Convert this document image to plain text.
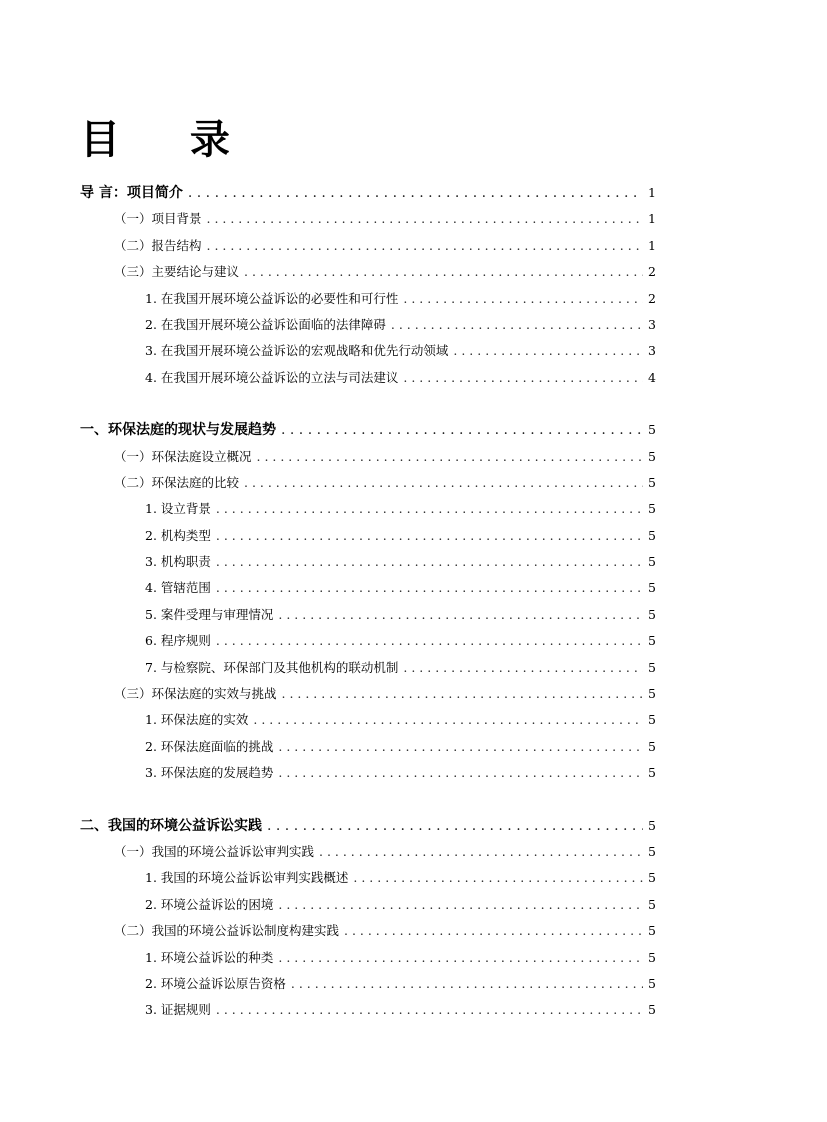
目 录
导 言：项目简介 . . .	1
（一）项目背景 . . .	1
（二）报告结构 . . .	1
（三）主要结论与建议 . . .	2
1. 在我国开展环境公益诉讼的必要性和可行性 . . .	2
2. 在我国开展环境公益诉讼面临的法律障碍 . . .	3
3. 在我国开展环境公益诉讼的宏观战略和优先行动领域 . . .	3
4. 在我国开展环境公益诉讼的立法与司法建议 . . .	4
一、环保法庭的现状与发展趋势 . . .	5
（一）环保法庭设立概况 . . .	5
（二）环保法庭的比较 . . .	5
1. 设立背景 . . .	5
2. 机构类型 . . .	5
3. 机构职责 . . .	5
4. 管辖范围 . . .	5
5. 案件受理与审理情况 . . .	5
6. 程序规则 . . .	5
7. 与检察院、环保部门及其他机构的联动机制 . . .	5
（三）环保法庭的实效与挑战 . . .	5
1. 环保法庭的实效 . . .	5
2. 环保法庭面临的挑战 . . .	5
3. 环保法庭的发展趋势 . . .	5
二、我国的环境公益诉讼实践 . . .	5
（一）我国的环境公益诉讼审判实践 . . .	5
1. 我国的环境公益诉讼审判实践概述 . . .	5
2. 环境公益诉讼的困境 . . .	5
（二）我国的环境公益诉讼制度构建实践 . . .	5
1. 环境公益诉讼的种类 . . .	5
2. 环境公益诉讼原告资格 . . .	5
3. 证据规则 . . .	5
